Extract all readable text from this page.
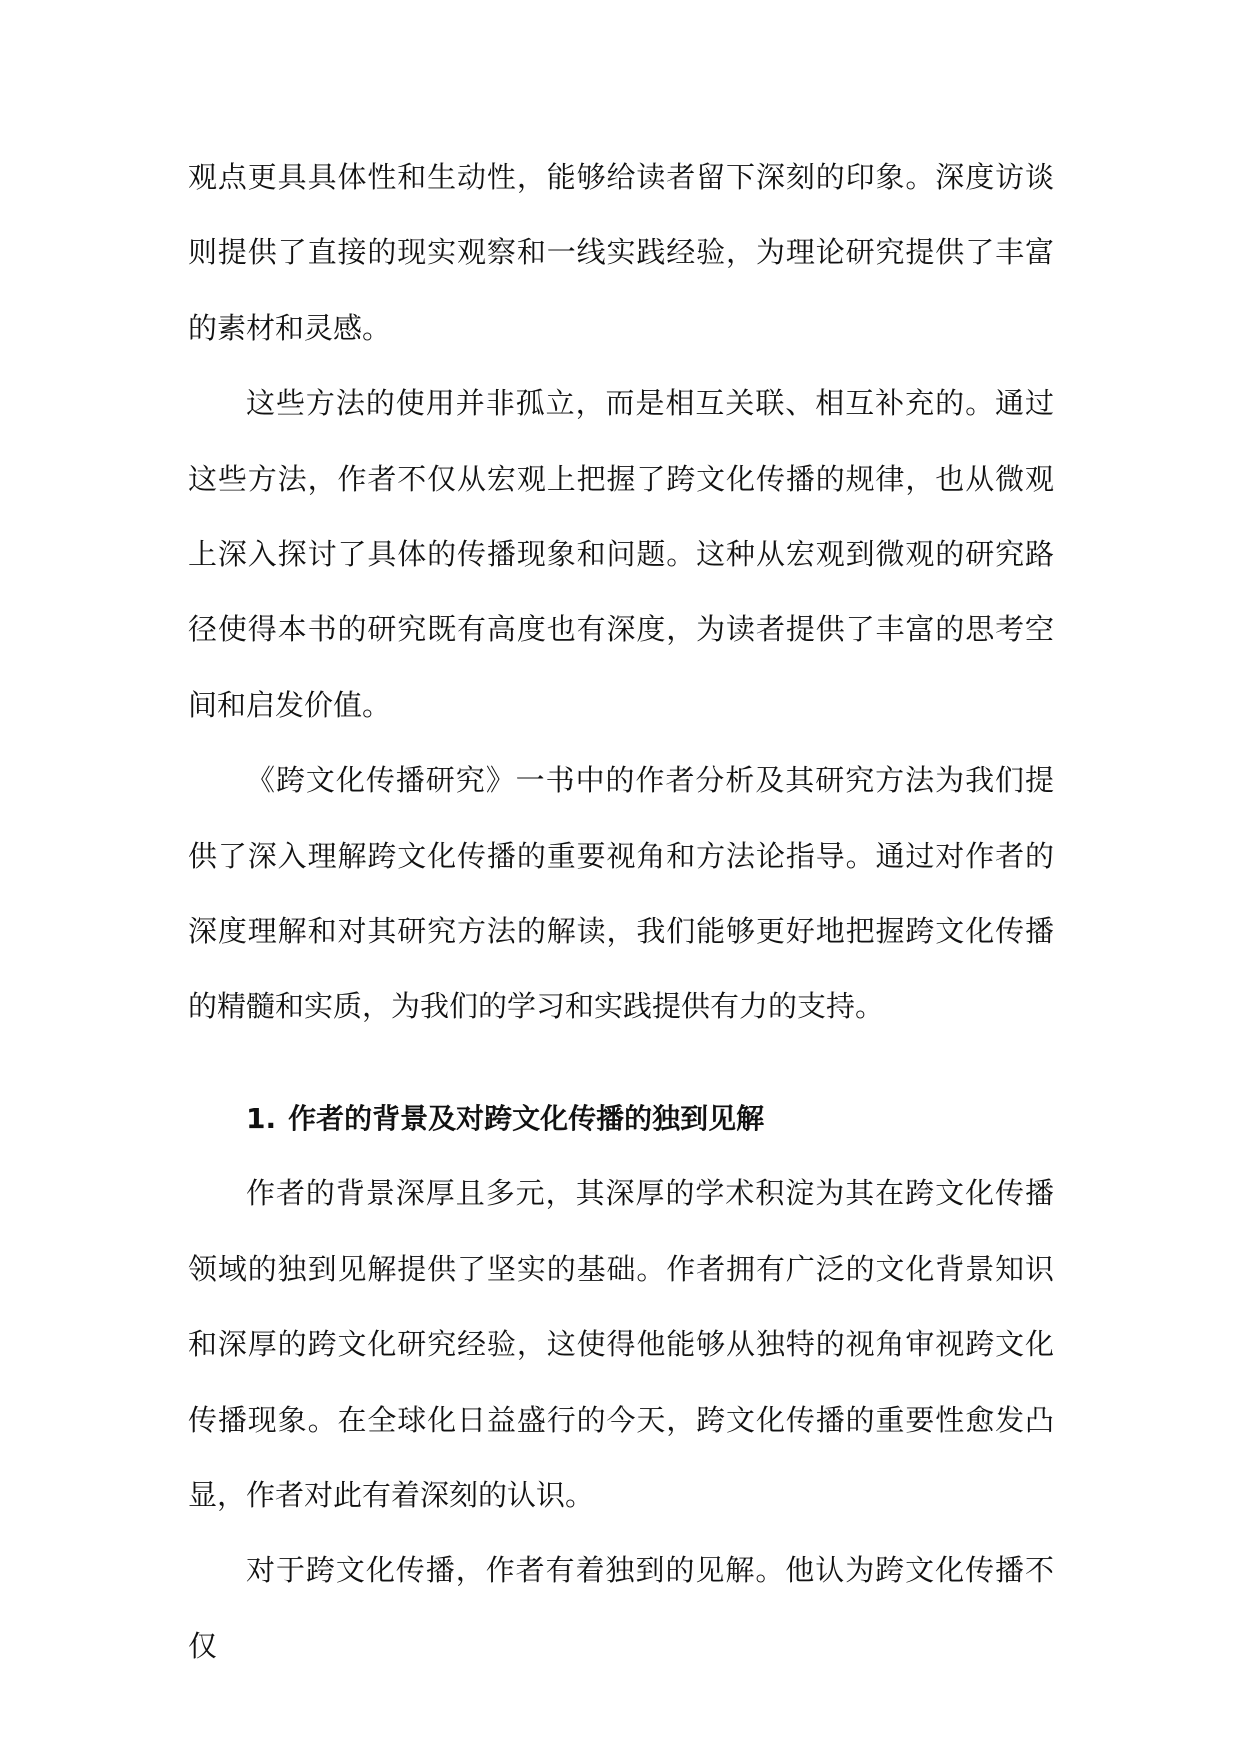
观点更具具体性和生动性，能够给读者留下深刻的印象。深度访谈则提供了直接的现实观察和一线实践经验，为理论研究提供了丰富的素材和灵感。

这些方法的使用并非孤立，而是相互关联、相互补充的。通过这些方法，作者不仅从宏观上把握了跨文化传播的规律，也从微观上深入探讨了具体的传播现象和问题。这种从宏观到微观的研究路径使得本书的研究既有高度也有深度，为读者提供了丰富的思考空间和启发价值。

《跨文化传播研究》一书中的作者分析及其研究方法为我们提供了深入理解跨文化传播的重要视角和方法论指导。通过对作者的深度理解和对其研究方法的解读，我们能够更好地把握跨文化传播的精髓和实质，为我们的学习和实践提供有力的支持。

1. 作者的背景及对跨文化传播的独到见解

作者的背景深厚且多元，其深厚的学术积淀为其在跨文化传播领域的独到见解提供了坚实的基础。作者拥有广泛的文化背景知识和深厚的跨文化研究经验，这使得他能够从独特的视角审视跨文化传播现象。在全球化日益盛行的今天，跨文化传播的重要性愈发凸显，作者对此有着深刻的认识。

对于跨文化传播，作者有着独到的见解。他认为跨文化传播不仅
